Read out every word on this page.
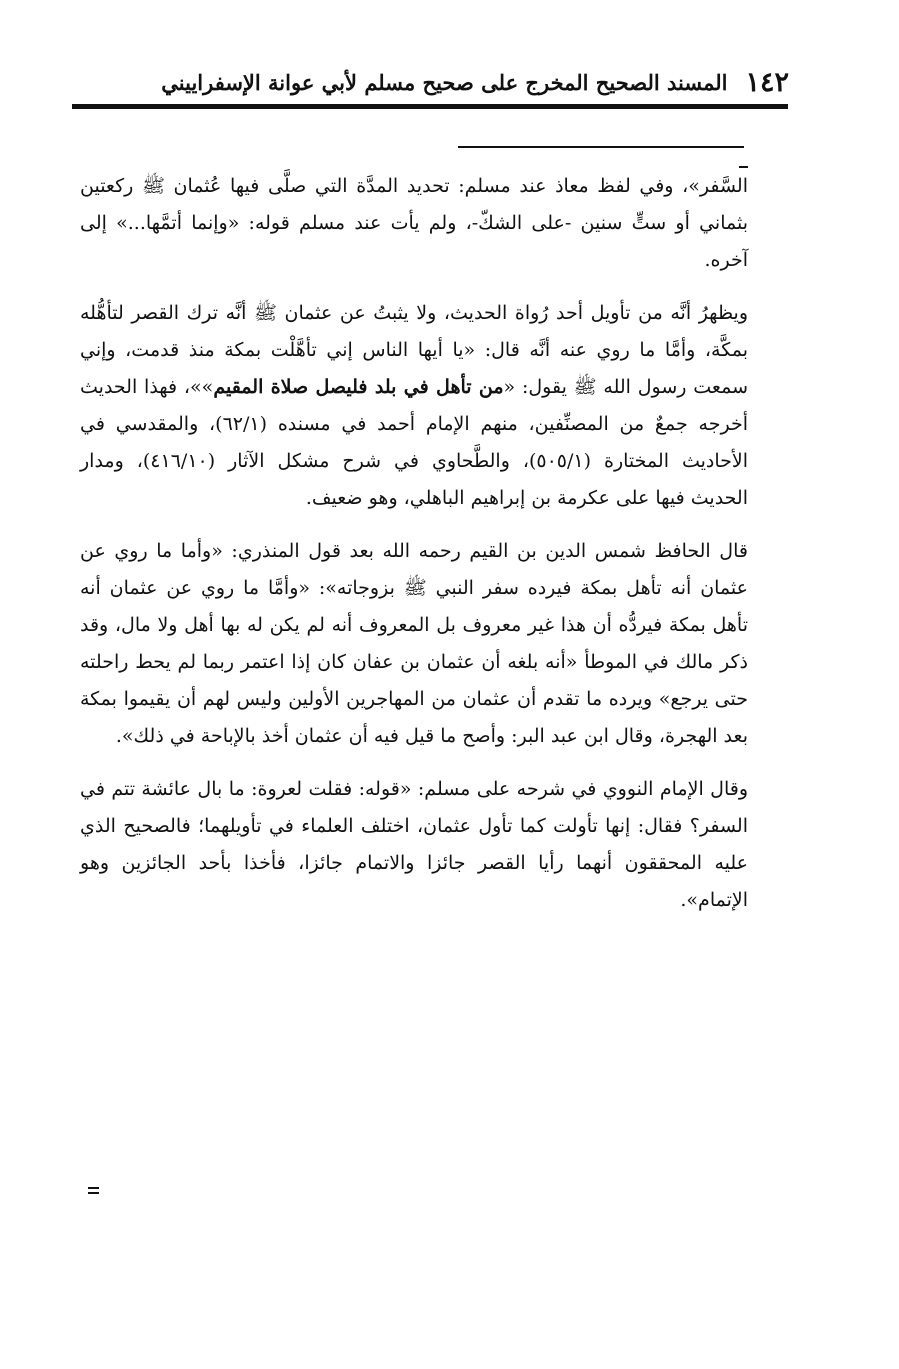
١٤٢
المسند الصحيح المخرج على صحيح مسلم لأبي عوانة الإسفراييني

السَّفر»، وفي لفظ معاذ عند مسلم: تحديد المدَّة التي صلَّى فيها عُثمان ﷺ ركعتين بثماني أو ستٍّ سنين -على الشكّ-، ولم يأت عند مسلم قوله: «وإنما أتمَّها...» إلى آخره.

ويظهرُ أنَّه من تأويل أحد رُواة الحديث، ولا يثبتُ عن عثمان ﷺ أنَّه ترك القصر لتأهُّله بمكَّة، وأمَّا ما روي عنه أنَّه قال: «يا أيها الناس إني تأهَّلْت بمكة منذ قدمت، وإني سمعت رسول الله ﷺ يقول: «من تأهل في بلد فليصل صلاة المقيم»»، فهذا الحديث أخرجه جمعٌ من المصنِّفين، منهم الإمام أحمد في مسنده (٦٢/١)، والمقدسي في الأحاديث المختارة (٥٠٥/١)، والطَّحاوي في شرح مشكل الآثار (٤١٦/١٠)، ومدار الحديث فيها على عكرمة بن إبراهيم الباهلي، وهو ضعيف.

قال الحافظ شمس الدين بن القيم رحمه الله بعد قول المنذري: «وأما ما روي عن عثمان أنه تأهل بمكة فيرده سفر النبي ﷺ بزوجاته»: «وأمَّا ما روي عن عثمان أنه تأهل بمكة فيردُّه أن هذا غير معروف بل المعروف أنه لم يكن له بها أهل ولا مال، وقد ذكر مالك في الموطأ «أنه بلغه أن عثمان بن عفان كان إذا اعتمر ربما لم يحط راحلته حتى يرجع» ويرده ما تقدم أن عثمان من المهاجرين الأولين وليس لهم أن يقيموا بمكة بعد الهجرة، وقال ابن عبد البر: وأصح ما قيل فيه أن عثمان أخذ بالإباحة في ذلك».

وقال الإمام النووي في شرحه على مسلم: «قوله: فقلت لعروة: ما بال عائشة تتم في السفر؟ فقال: إنها تأولت كما تأول عثمان، اختلف العلماء في تأويلهما؛ فالصحيح الذي عليه المحققون أنهما رأيا القصر جائزا والاتمام جائزا، فأخذا بأحد الجائزين وهو الإتمام».
